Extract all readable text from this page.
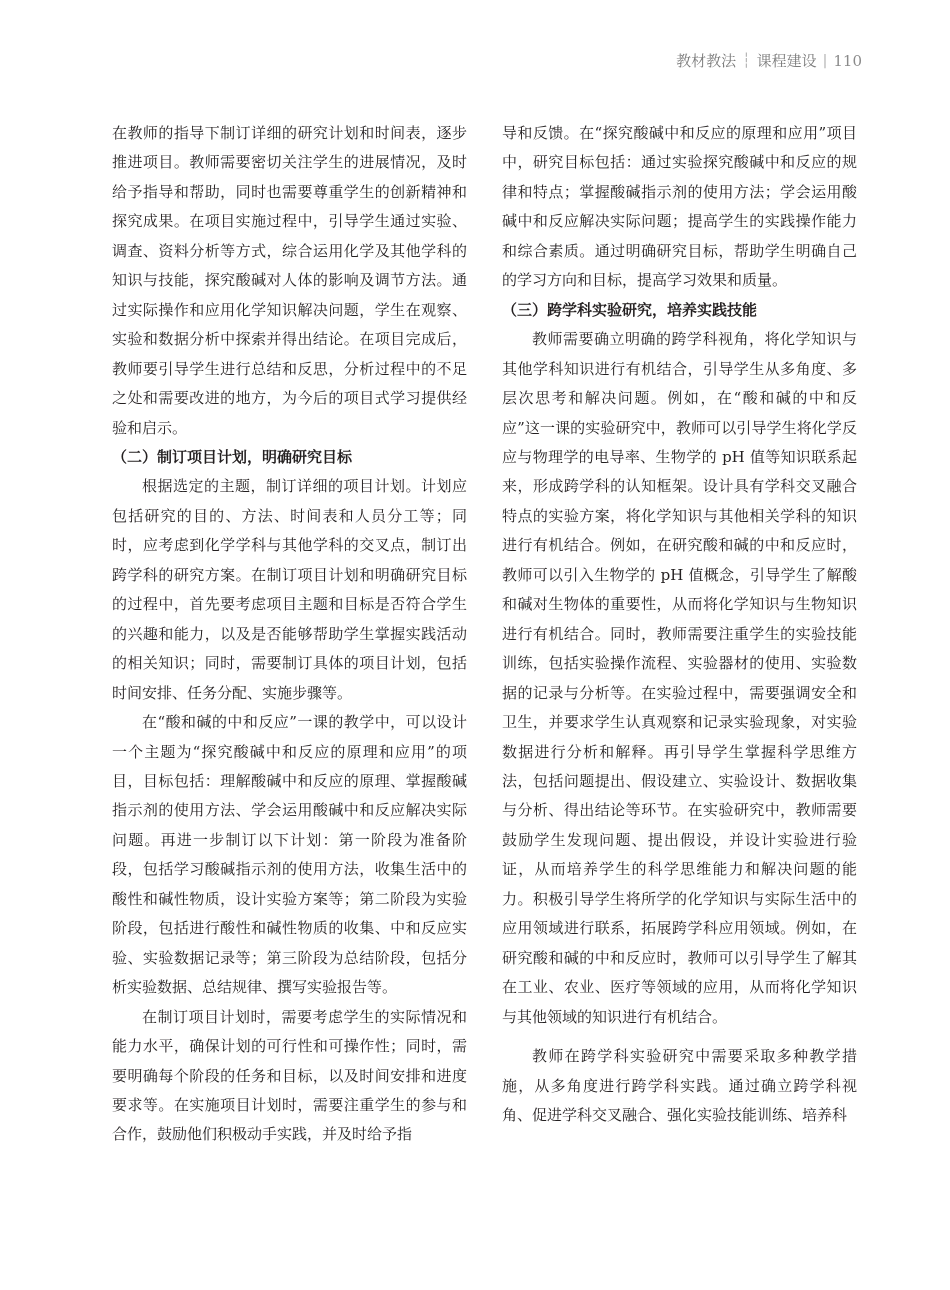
教材教法 ┆ 课程建设 | 110

在教师的指导下制订详细的研究计划和时间表，逐步推进项目。教师需要密切关注学生的进展情况，及时给予指导和帮助，同时也需要尊重学生的创新精神和探究成果。在项目实施过程中，引导学生通过实验、调查、资料分析等方式，综合运用化学及其他学科的知识与技能，探究酸碱对人体的影响及调节方法。通过实际操作和应用化学知识解决问题，学生在观察、实验和数据分析中探索并得出结论。在项目完成后，教师要引导学生进行总结和反思，分析过程中的不足之处和需要改进的地方，为今后的项目式学习提供经验和启示。

（二）制订项目计划，明确研究目标

根据选定的主题，制订详细的项目计划。计划应包括研究的目的、方法、时间表和人员分工等；同时，应考虑到化学学科与其他学科的交叉点，制订出跨学科的研究方案。在制订项目计划和明确研究目标的过程中，首先要考虑项目主题和目标是否符合学生的兴趣和能力，以及是否能够帮助学生掌握实践活动的相关知识；同时，需要制订具体的项目计划，包括时间安排、任务分配、实施步骤等。

在“酸和碱的中和反应”一课的教学中，可以设计一个主题为“探究酸碱中和反应的原理和应用”的项目，目标包括：理解酸碱中和反应的原理、掌握酸碱指示剂的使用方法、学会运用酸碱中和反应解决实际问题。再进一步制订以下计划：第一阶段为准备阶段，包括学习酸碱指示剂的使用方法，收集生活中的酸性和碱性物质，设计实验方案等；第二阶段为实验阶段，包括进行酸性和碱性物质的收集、中和反应实验、实验数据记录等；第三阶段为总结阶段，包括分析实验数据、总结规律、撰写实验报告等。

在制订项目计划时，需要考虑学生的实际情况和能力水平，确保计划的可行性和可操作性；同时，需要明确每个阶段的任务和目标，以及时间安排和进度要求等。在实施项目计划时，需要注重学生的参与和合作，鼓励他们积极动手实践，并及时给予指

导和反馈。在“探究酸碱中和反应的原理和应用”项目中，研究目标包括：通过实验探究酸碱中和反应的规律和特点；掌握酸碱指示剂的使用方法；学会运用酸碱中和反应解决实际问题；提高学生的实践操作能力和综合素质。通过明确研究目标，帮助学生明确自己的学习方向和目标，提高学习效果和质量。

（三）跨学科实验研究，培养实践技能

教师需要确立明确的跨学科视角，将化学知识与其他学科知识进行有机结合，引导学生从多角度、多层次思考和解决问题。例如，在“酸和碱的中和反应”这一课的实验研究中，教师可以引导学生将化学反应与物理学的电导率、生物学的 pH 值等知识联系起来，形成跨学科的认知框架。设计具有学科交叉融合特点的实验方案，将化学知识与其他相关学科的知识进行有机结合。例如，在研究酸和碱的中和反应时，教师可以引入生物学的 pH 值概念，引导学生了解酸和碱对生物体的重要性，从而将化学知识与生物知识进行有机结合。同时，教师需要注重学生的实验技能训练，包括实验操作流程、实验器材的使用、实验数据的记录与分析等。在实验过程中，需要强调安全和卫生，并要求学生认真观察和记录实验现象，对实验数据进行分析和解释。再引导学生掌握科学思维方法，包括问题提出、假设建立、实验设计、数据收集与分析、得出结论等环节。在实验研究中，教师需要鼓励学生发现问题、提出假设，并设计实验进行验证，从而培养学生的科学思维能力和解决问题的能力。积极引导学生将所学的化学知识与实际生活中的应用领域进行联系，拓展跨学科应用领域。例如，在研究酸和碱的中和反应时，教师可以引导学生了解其在工业、农业、医疗等领域的应用，从而将化学知识与其他领域的知识进行有机结合。

教师在跨学科实验研究中需要采取多种教学措施，从多角度进行跨学科实践。通过确立跨学科视角、促进学科交叉融合、强化实验技能训练、培养科
